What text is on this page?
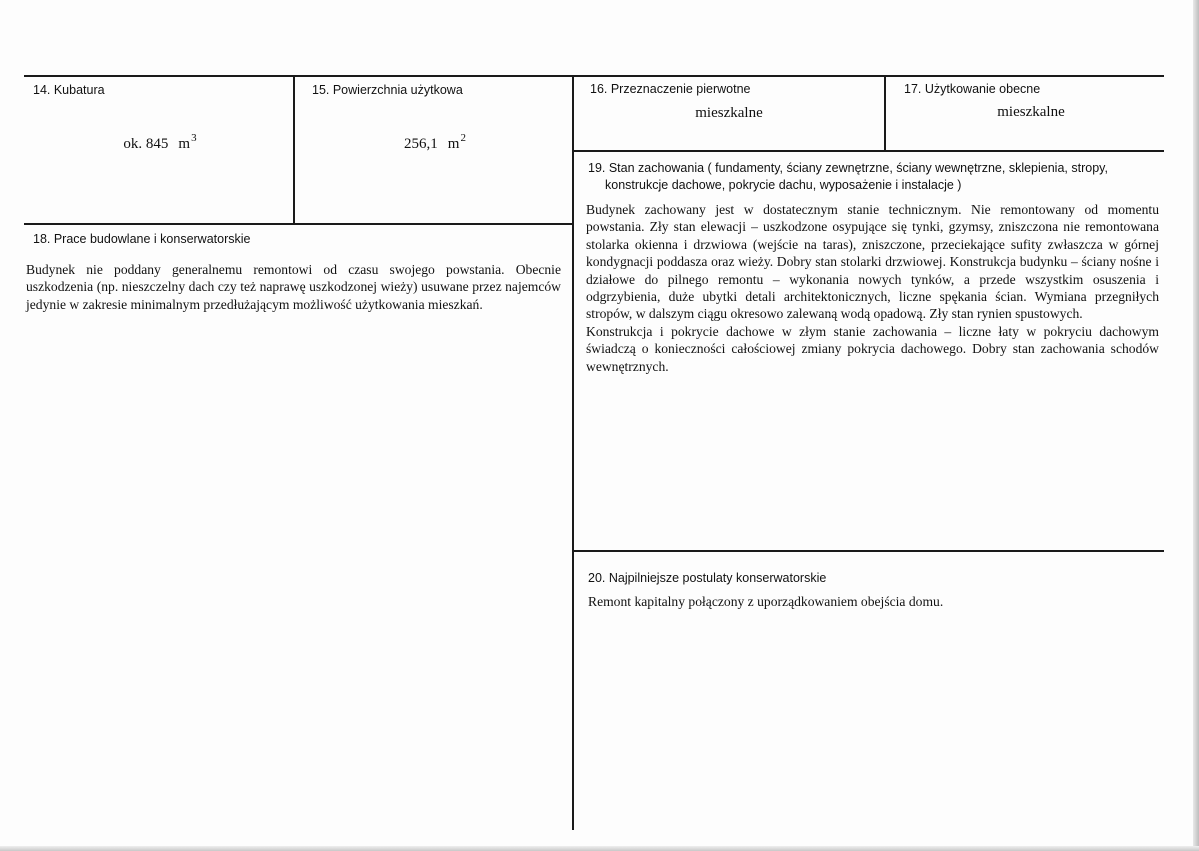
14. Kubatura
ok. 845 $m^3$
15. Powierzchnia użytkowa
256,1 $m^2$
16. Przeznaczenie pierwotne
mieszkalne
17. Użytkowanie obecne
mieszkalne
18. Prace budowlane i konserwatorskie

Budynek nie poddany generalnemu remontowi od czasu swojego powstania. Obecnie uszkodzenia (np. nieszczelny dach czy też naprawę uszkodzonej wieży) usuwane przez najemców jedynie w zakresie minimalnym przedłużającym możliwość użytkowania mieszkań.

19. Stan zachowania ( fundamenty, ściany zewnętrzne, ściany wewnętrzne, sklepienia, stropy,
konstrukcje dachowe, pokrycie dachu, wyposażenie i instalacje )

Budynek zachowany jest w dostatecznym stanie technicznym. Nie remontowany od momentu powstania. Zły stan elewacji – uszkodzone osypujące się tynki, gzymsy, zniszczona nie remontowana stolarka okienna i drzwiowa (wejście na taras), zniszczone, przeciekające sufity zwłaszcza w górnej kondygnacji poddasza oraz wieży. Dobry stan stolarki drzwiowej. Konstrukcja budynku – ściany nośne i działowe do pilnego remontu – wykonania nowych tynków, a przede wszystkim osuszenia i odgrzybienia, duże ubytki detali architektonicznych, liczne spękania ścian. Wymiana przegniłych stropów, w dalszym ciągu okresowo zalewaną wodą opadową. Zły stan rynien spustowych.

Konstrukcja i pokrycie dachowe w złym stanie zachowania – liczne łaty w pokryciu dachowym świadczą o konieczności całościowej zmiany pokrycia dachowego. Dobry stan zachowania schodów wewnętrznych.

20. Najpilniejsze postulaty konserwatorskie

Remont kapitalny połączony z uporządkowaniem obejścia domu.
